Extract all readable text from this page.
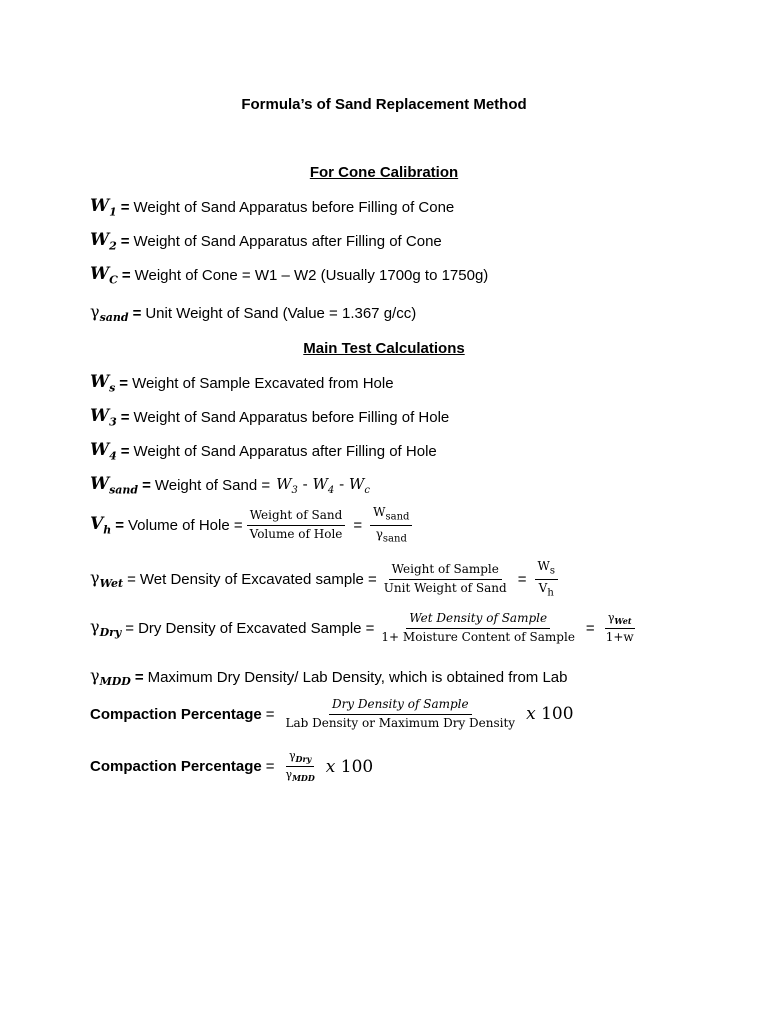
Formula’s of Sand Replacement Method
For Cone Calibration
$W_1$ = Weight of Sand Apparatus before Filling of Cone
$W_2$ = Weight of Sand Apparatus after Filling of Cone
$W_C$ = Weight of Cone = W1 – W2 (Usually 1700g to 1750g)
$\gamma_{sand}$ = Unit Weight of Sand (Value = 1.367 g/cc)
Main Test Calculations
$W_s$ = Weight of Sample Excavated from Hole
$W_3$ = Weight of Sand Apparatus before Filling of Hole
$W_4$ = Weight of Sand Apparatus after Filling of Hole
$W_{sand}$ = Weight of Sand = $W_3 - W_4 - W_c$
$V_h$ = Volume of Hole = $\frac{\text{Weight of Sand}}{\text{Volume of Hole}} = \frac{W_{sand}}{\gamma_{sand}}$
$\gamma_{Wet}$ = Wet Density of Excavated sample = $\frac{\text{Weight of Sample}}{\text{Unit Weight of Sand}} = \frac{W_s}{V_h}$
$\gamma_{Dry}$ = Dry Density of Excavated Sample = $\frac{\text{Wet Density of Sample}}{\text{1+ Moisture Content of Sample}} = \frac{\gamma_{Wet}}{1+w}$
$\gamma_{MDD}$ = Maximum Dry Density/ Lab Density, which is obtained from Lab
Compaction Percentage = $\frac{\text{Dry Density of Sample}}{\text{Lab Density or Maximum Dry Density}}$ x 100
Compaction Percentage = $\frac{\gamma_{Dry}}{\gamma_{MDD}}$ x 100
